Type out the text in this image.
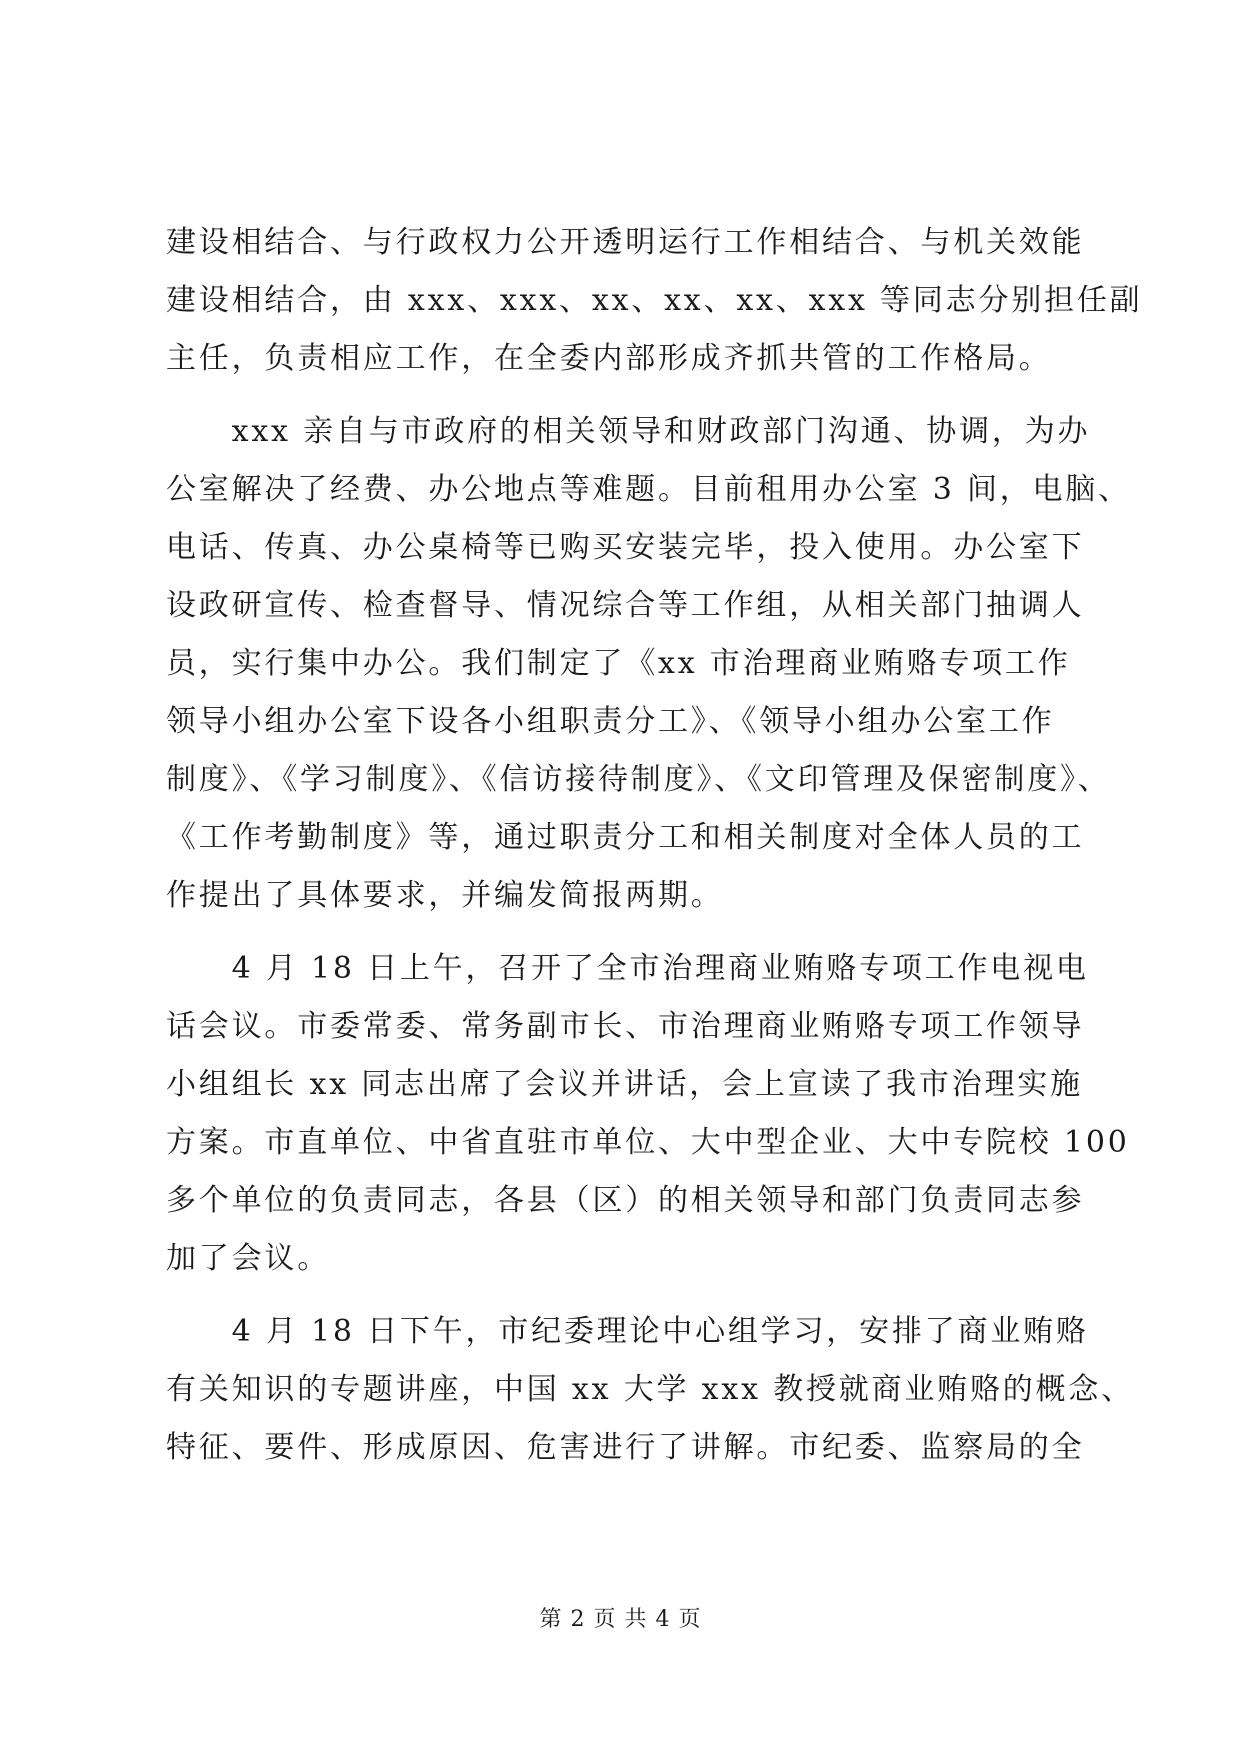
建设相结合、与行政权力公开透明运行工作相结合、与机关效能
建设相结合，由 xxx、xxx、xx、xx、xx、xxx 等同志分别担任副
主任，负责相应工作，在全委内部形成齐抓共管的工作格局。
　　xxx 亲自与市政府的相关领导和财政部门沟通、协调，为办
公室解决了经费、办公地点等难题。目前租用办公室 3 间，电脑、
电话、传真、办公桌椅等已购买安装完毕，投入使用。办公室下
设政研宣传、检查督导、情况综合等工作组，从相关部门抽调人
员，实行集中办公。我们制定了《xx 市治理商业贿赂专项工作
领导小组办公室下设各小组职责分工》、《领导小组办公室工作
制度》、《学习制度》、《信访接待制度》、《文印管理及保密制度》、
《工作考勤制度》等，通过职责分工和相关制度对全体人员的工
作提出了具体要求，并编发简报两期。
　　4 月 18 日上午，召开了全市治理商业贿赂专项工作电视电
话会议。市委常委、常务副市长、市治理商业贿赂专项工作领导
小组组长 xx 同志出席了会议并讲话，会上宣读了我市治理实施
方案。市直单位、中省直驻市单位、大中型企业、大中专院校 100
多个单位的负责同志，各县（区）的相关领导和部门负责同志参
加了会议。
　　4 月 18 日下午，市纪委理论中心组学习，安排了商业贿赂
有关知识的专题讲座，中国 xx 大学 xxx 教授就商业贿赂的概念、
特征、要件、形成原因、危害进行了讲解。市纪委、监察局的全
第 2 页 共 4 页
